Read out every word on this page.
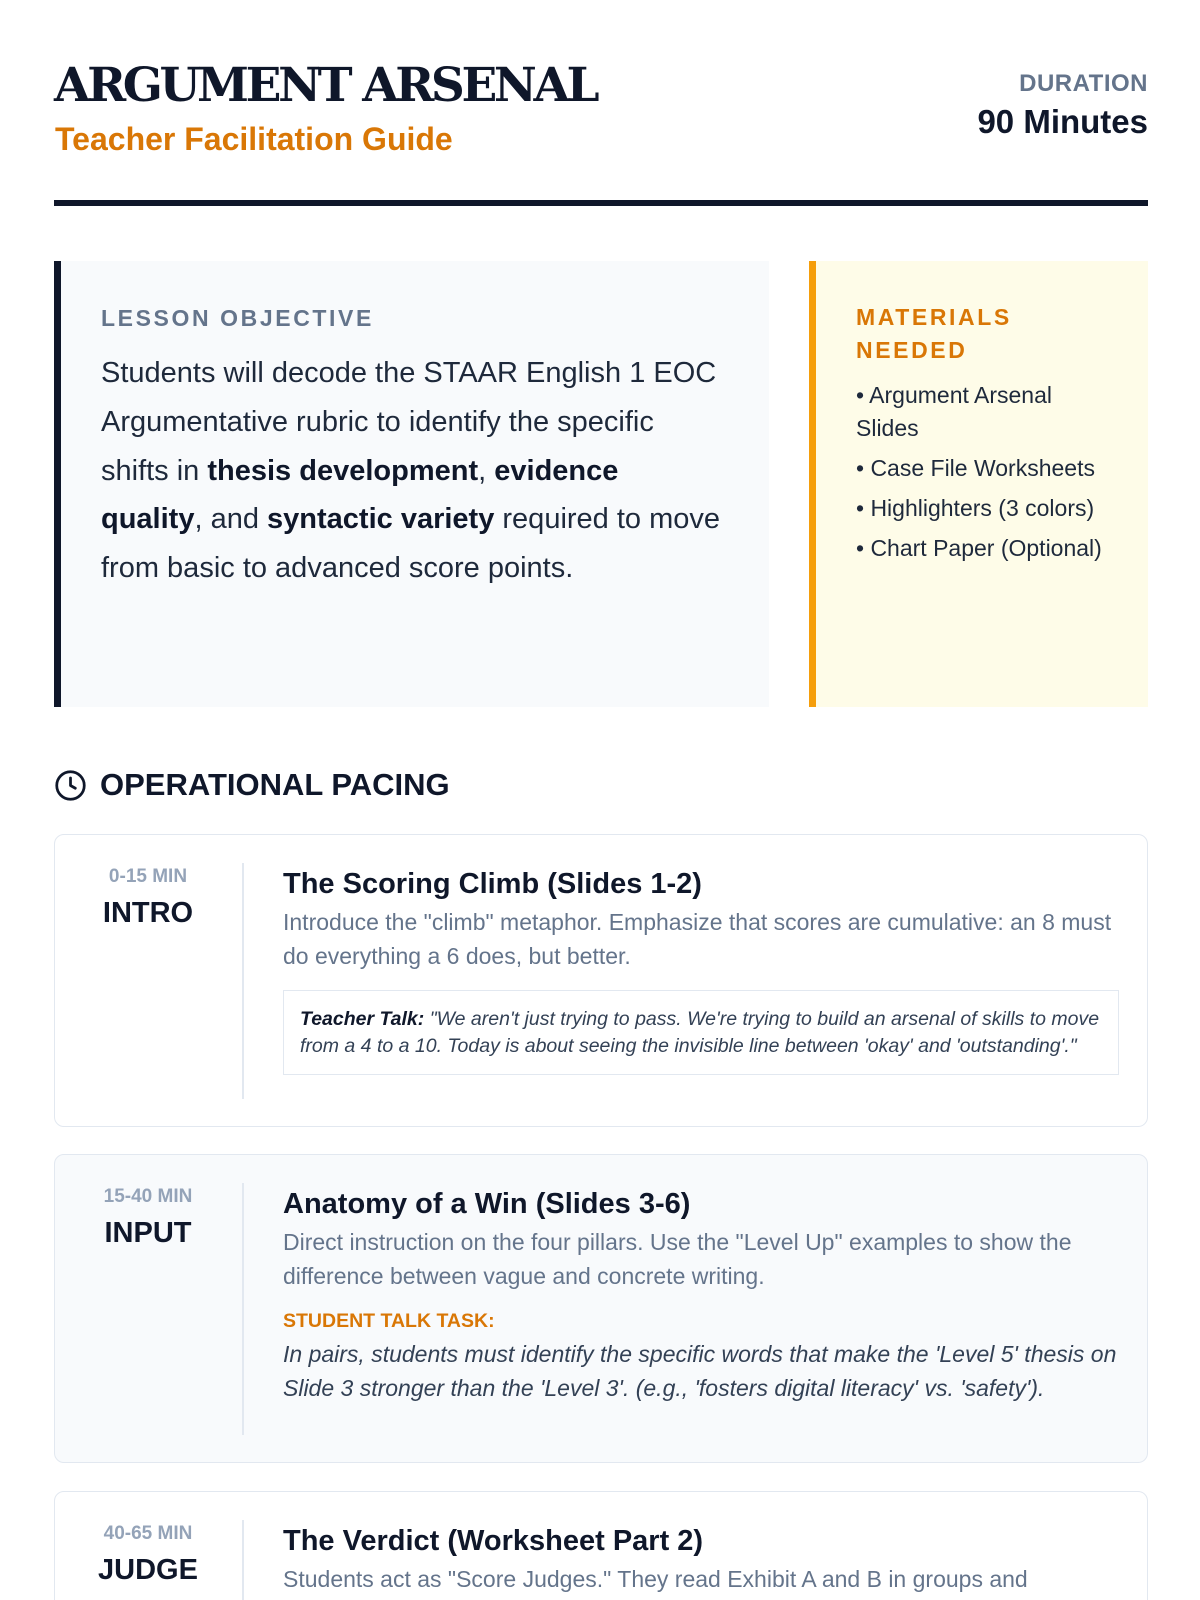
ARGUMENT ARSENAL
Teacher Facilitation Guide
DURATION
90 Minutes
LESSON OBJECTIVE

Students will decode the STAAR English 1 EOC Argumentative rubric to identify the specific shifts in thesis development, evidence quality, and syntactic variety required to move from basic to advanced score points.

MATERIALS NEEDED
• Argument Arsenal Slides
• Case File Worksheets
• Highlighters (3 colors)
• Chart Paper (Optional)
OPERATIONAL PACING
0-15 MIN
INTRO
The Scoring Climb (Slides 1-2)
Introduce the "climb" metaphor. Emphasize that scores are cumulative: an 8 must do everything a 6 does, but better.
Teacher Talk: "We aren't just trying to pass. We're trying to build an arsenal of skills to move from a 4 to a 10. Today is about seeing the invisible line between 'okay' and 'outstanding'."
15-40 MIN
INPUT
Anatomy of a Win (Slides 3-6)
Direct instruction on the four pillars. Use the "Level Up" examples to show the difference between vague and concrete writing.
STUDENT TALK TASK:
In pairs, students must identify the specific words that make the 'Level 5' thesis on Slide 3 stronger than the 'Level 3'. (e.g., 'fosters digital literacy' vs. 'safety').
40-65 MIN
JUDGE
The Verdict (Worksheet Part 2)
Students act as "Score Judges." They read Exhibit A and B in groups and
